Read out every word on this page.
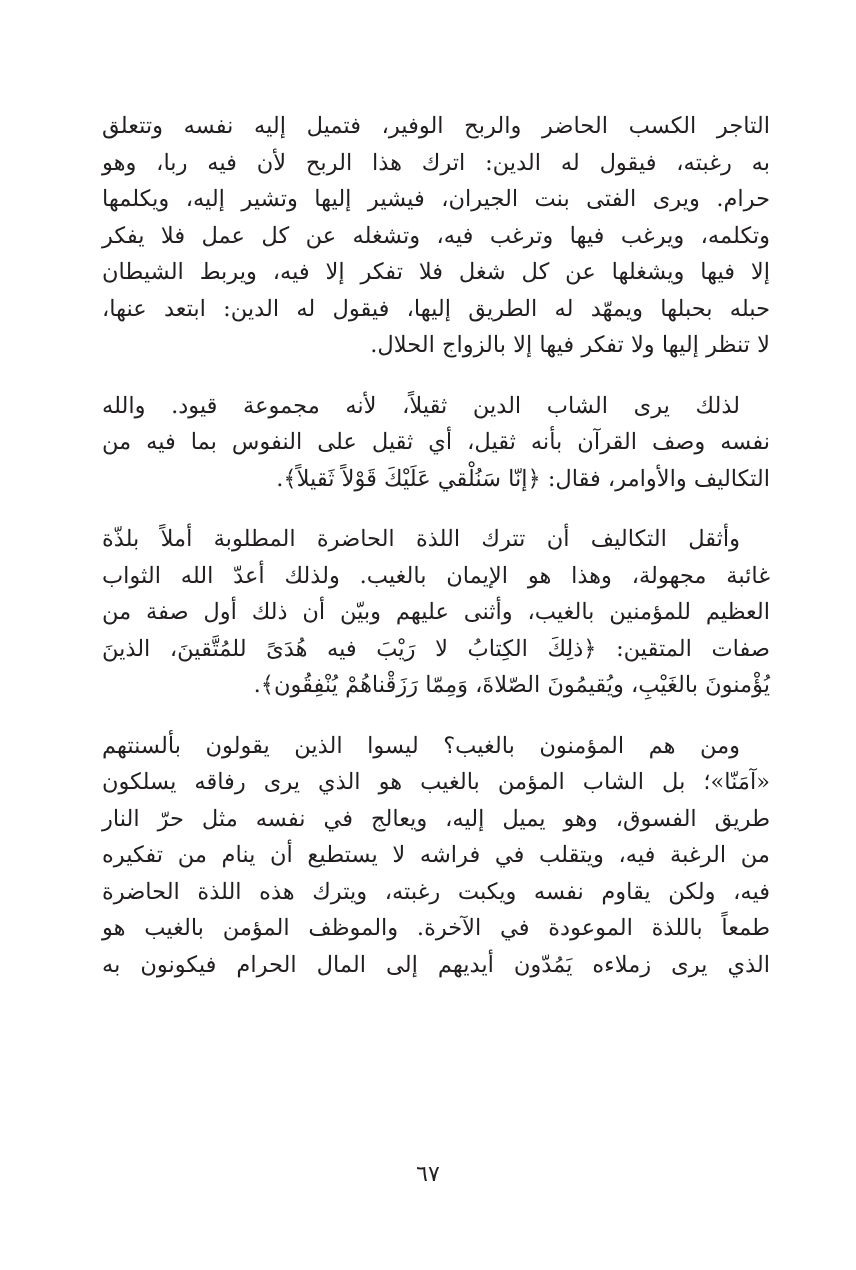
التاجر الكسب الحاضر والربح الوفير، فتميل إليه نفسه وتتعلق
به رغبته، فيقول له الدين: اترك هذا الربح لأن فيه ربا، وهو
حرام. ويرى الفتى بنت الجيران، فيشير إليها وتشير إليه، ويكلمها
وتكلمه، ويرغب فيها وترغب فيه، وتشغله عن كل عمل فلا يفكر
إلا فيها ويشغلها عن كل شغل فلا تفكر إلا فيه، ويربط الشيطان
حبله بحبلها ويمهّد له الطريق إليها، فيقول له الدين: ابتعد عنها،
لا تنظر إليها ولا تفكر فيها إلا بالزواج الحلال.
لذلك يرى الشاب الدين ثقيلاً، لأنه مجموعة قيود. والله
نفسه وصف القرآن بأنه ثقيل، أي ثقيل على النفوس بما فيه من
التكاليف والأوامر، فقال: ﴿إنّا سَنُلْقي عَلَيْكَ قَوْلاً ثَقيلاً﴾.
وأثقل التكاليف أن تترك اللذة الحاضرة المطلوبة أملاً بلذّة
غائبة مجهولة، وهذا هو الإيمان بالغيب. ولذلك أعدّ الله الثواب
العظيم للمؤمنين بالغيب، وأثنى عليهم وبيّن أن ذلك أول صفة من
صفات المتقين: ﴿ذلِكَ الكِتابُ لا رَيْبَ فيه هُدَىً للمُتَّقينَ، الذينَ
يُؤْمنونَ بالغَيْبِ، ويُقيمُونَ الصّلاةَ، وَمِمّا رَزَقْناهُمْ يُنْفِقُون﴾.
ومن هم المؤمنون بالغيب؟ ليسوا الذين يقولون بألسنتهم
«آمَنّا»؛ بل الشاب المؤمن بالغيب هو الذي يرى رفاقه يسلكون
طريق الفسوق، وهو يميل إليه، ويعالج في نفسه مثل حرّ النار
من الرغبة فيه، ويتقلب في فراشه لا يستطيع أن ينام من تفكيره
فيه، ولكن يقاوم نفسه ويكبت رغبته، ويترك هذه اللذة الحاضرة
طمعاً باللذة الموعودة في الآخرة. والموظف المؤمن بالغيب هو
الذي يرى زملاءه يَمُدّون أيديهم إلى المال الحرام فيكونون به
٦٧
